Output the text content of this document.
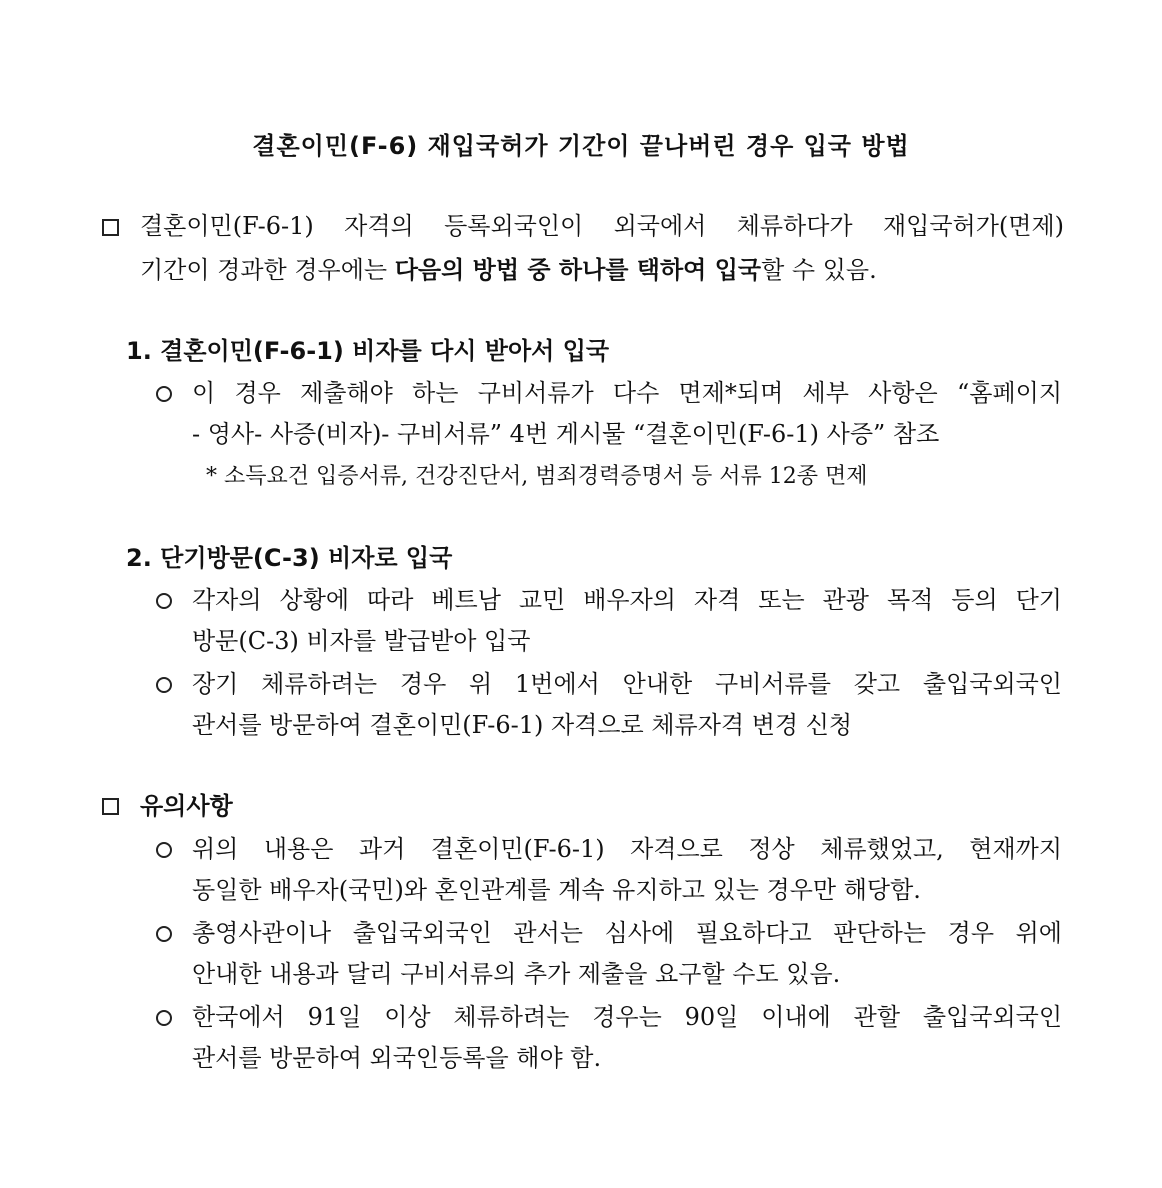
결혼이민(F-6) 재입국허가 기간이 끝나버린 경우 입국 방법
결혼이민(F-6-1) 자격의 등록외국인이 외국에서 체류하다가 재입국허가(면제)
기간이 경과한 경우에는 다음의 방법 중 하나를 택하여 입국할 수 있음.
1. 결혼이민(F-6-1) 비자를 다시 받아서 입국
이 경우 제출해야 하는 구비서류가 다수 면제*되며 세부 사항은 “홈페이지
- 영사- 사증(비자)- 구비서류” 4번 게시물 “결혼이민(F-6-1) 사증” 참조
* 소득요건 입증서류, 건강진단서, 범죄경력증명서 등 서류 12종 면제
2. 단기방문(C-3) 비자로 입국
각자의 상황에 따라 베트남 교민 배우자의 자격 또는 관광 목적 등의 단기
방문(C-3) 비자를 발급받아 입국
장기 체류하려는 경우 위 1번에서 안내한 구비서류를 갖고 출입국외국인
관서를 방문하여 결혼이민(F-6-1) 자격으로 체류자격 변경 신청
유의사항
위의 내용은 과거 결혼이민(F-6-1) 자격으로 정상 체류했었고, 현재까지
동일한 배우자(국민)와 혼인관계를 계속 유지하고 있는 경우만 해당함.
총영사관이나 출입국외국인 관서는 심사에 필요하다고 판단하는 경우 위에
안내한 내용과 달리 구비서류의 추가 제출을 요구할 수도 있음.
한국에서 91일 이상 체류하려는 경우는 90일 이내에 관할 출입국외국인
관서를 방문하여 외국인등록을 해야 함.
